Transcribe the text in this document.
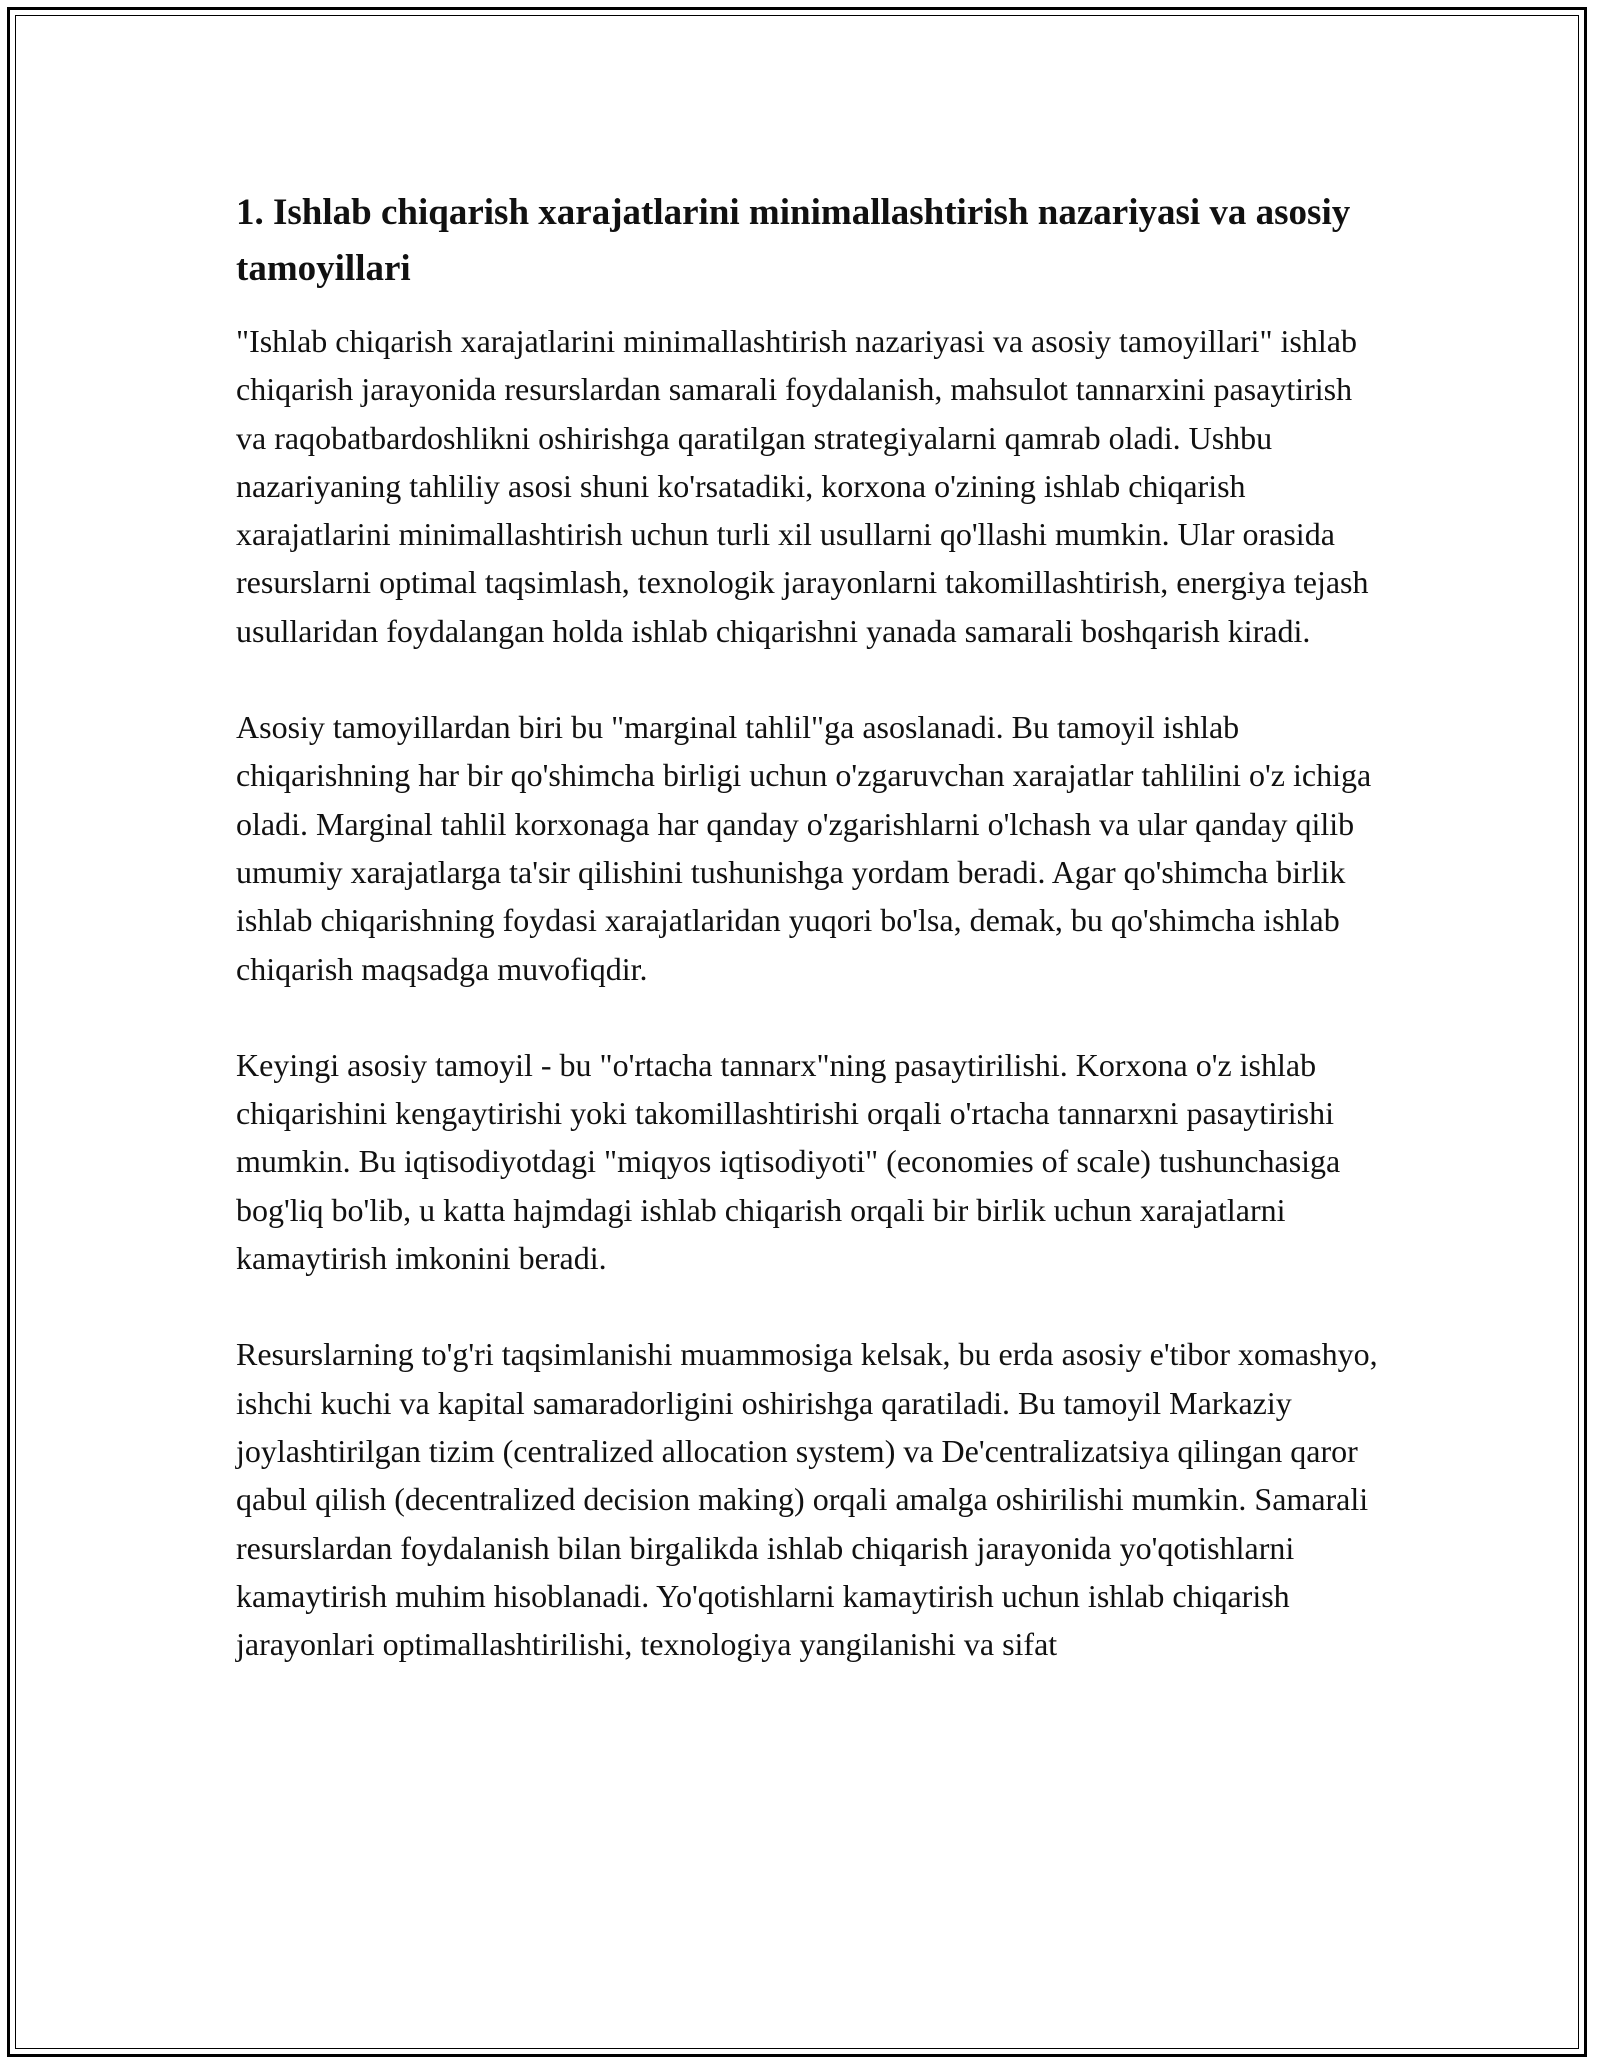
1. Ishlab chiqarish xarajatlarini minimallashtirish nazariyasi va asosiy tamoyillari

"Ishlab chiqarish xarajatlarini minimallashtirish nazariyasi va asosiy tamoyillari" ishlab chiqarish jarayonida resurslardan samarali foydalanish, mahsulot tannarxini pasaytirish va raqobatbardoshlikni oshirishga qaratilgan strategiyalarni qamrab oladi. Ushbu nazariyaning tahliliy asosi shuni ko'rsatadiki, korxona o'zining ishlab chiqarish xarajatlarini minimallashtirish uchun turli xil usullarni qo'llashi mumkin. Ular orasida resurslarni optimal taqsimlash, texnologik jarayonlarni takomillashtirish, energiya tejash usullaridan foydalangan holda ishlab chiqarishni yanada samarali boshqarish kiradi.

Asosiy tamoyillardan biri bu "marginal tahlil"ga asoslanadi. Bu tamoyil ishlab chiqarishning har bir qo'shimcha birligi uchun o'zgaruvchan xarajatlar tahlilini o'z ichiga oladi. Marginal tahlil korxonaga har qanday o'zgarishlarni o'lchash va ular qanday qilib umumiy xarajatlarga ta'sir qilishini tushunishga yordam beradi. Agar qo'shimcha birlik ishlab chiqarishning foydasi xarajatlaridan yuqori bo'lsa, demak, bu qo'shimcha ishlab chiqarish maqsadga muvofiqdir.

Keyingi asosiy tamoyil - bu "o'rtacha tannarx"ning pasaytirilishi. Korxona o'z ishlab chiqarishini kengaytirishi yoki takomillashtirishi orqali o'rtacha tannarxni pasaytirishi mumkin. Bu iqtisodiyotdagi "miqyos iqtisodiyoti" (economies of scale) tushunchasiga bog'liq bo'lib, u katta hajmdagi ishlab chiqarish orqali bir birlik uchun xarajatlarni kamaytirish imkonini beradi.

Resurslarning to'g'ri taqsimlanishi muammosiga kelsak, bu erda asosiy e'tibor xomashyo, ishchi kuchi va kapital samaradorligini oshirishga qaratiladi. Bu tamoyil Markaziy joylashtirilgan tizim (centralized allocation system) va De'centralizatsiya qilingan qaror qabul qilish (decentralized decision making) orqali amalga oshirilishi mumkin. Samarali resurslardan foydalanish bilan birgalikda ishlab chiqarish jarayonida yo'qotishlarni kamaytirish muhim hisoblanadi. Yo'qotishlarni kamaytirish uchun ishlab chiqarish jarayonlari optimallashtirilishi, texnologiya yangilanishi va sifat
